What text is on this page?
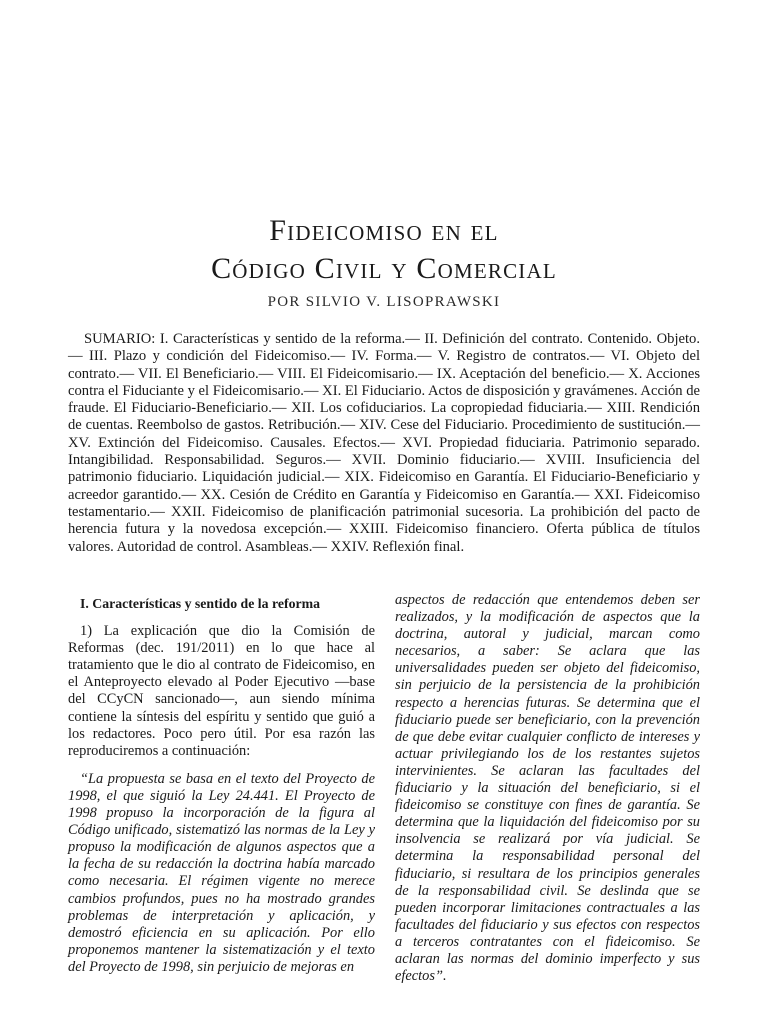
Fideicomiso en el
Código Civil y Comercial
POR SILVIO V. LISOPRAWSKI

SUMARIO: I. Características y sentido de la reforma.— II. Definición del contrato. Contenido. Objeto.— III. Plazo y condición del Fideicomiso.— IV. Forma.— V. Registro de contratos.— VI. Objeto del contrato.— VII. El Beneficiario.— VIII. El Fideicomisario.— IX. Aceptación del beneficio.— X. Acciones contra el Fiduciante y el Fideicomisario.— XI. El Fiduciario. Actos de disposición y gravámenes. Acción de fraude. El Fiduciario-Beneficiario.— XII. Los cofiduciarios. La copropiedad fiduciaria.— XIII. Rendición de cuentas. Reembolso de gastos. Retribución.— XIV. Cese del Fiduciario. Procedimiento de sustitución.— XV. Extinción del Fideicomiso. Causales. Efectos.— XVI. Propiedad fiduciaria. Patrimonio separado. Intangibilidad. Responsabilidad. Seguros.— XVII. Dominio fiduciario.— XVIII. Insuficiencia del patrimonio fiduciario. Liquidación judicial.— XIX. Fideicomiso en Garantía. El Fiduciario-Beneficiario y acreedor garantido.— XX. Cesión de Crédito en Garantía y Fideicomiso en Garantía.— XXI. Fideicomiso testamentario.— XXII. Fideicomiso de planificación patrimonial sucesoria. La prohibición del pacto de herencia futura y la novedosa excepción.— XXIII. Fideicomiso financiero. Oferta pública de títulos valores. Autoridad de control. Asambleas.— XXIV. Reflexión final.

I. Características y sentido de la reforma

1) La explicación que dio la Comisión de Reformas (dec. 191/2011) en lo que hace al tratamiento que le dio al contrato de Fideicomiso, en el Anteproyecto elevado al Poder Ejecutivo —base del CCyCN sancionado—, aun siendo mínima contiene la síntesis del espíritu y sentido que guió a los redactores. Poco pero útil. Por esa razón las reproduciremos a continuación:

“La propuesta se basa en el texto del Proyecto de 1998, el que siguió la Ley 24.441. El Proyecto de 1998 propuso la incorporación de la figura al Código unificado, sistematizó las normas de la Ley y propuso la modificación de algunos aspectos que a la fecha de su redacción la doctrina había marcado como necesaria. El régimen vigente no merece cambios profundos, pues no ha mostrado grandes problemas de interpretación y aplicación, y demostró eficiencia en su aplicación. Por ello proponemos mantener la sistematización y el texto del Proyecto de 1998, sin perjuicio de mejoras en

aspectos de redacción que entendemos deben ser realizados, y la modificación de aspectos que la doctrina, autoral y judicial, marcan como necesarios, a saber: Se aclara que las universalidades pueden ser objeto del fideicomiso, sin perjuicio de la persistencia de la prohibición respecto a herencias futuras. Se determina que el fiduciario puede ser beneficiario, con la prevención de que debe evitar cualquier conflicto de intereses y actuar privilegiando los de los restantes sujetos intervinientes. Se aclaran las facultades del fiduciario y la situación del beneficiario, si el fideicomiso se constituye con fines de garantía. Se determina que la liquidación del fideicomiso por su insolvencia se realizará por vía judicial. Se determina la responsabilidad personal del fiduciario, si resultara de los principios generales de la responsabilidad civil. Se deslinda que se pueden incorporar limitaciones contractuales a las facultades del fiduciario y sus efectos con respectos a terceros contratantes con el fideicomiso. Se aclaran las normas del dominio imperfecto y sus efectos”.
